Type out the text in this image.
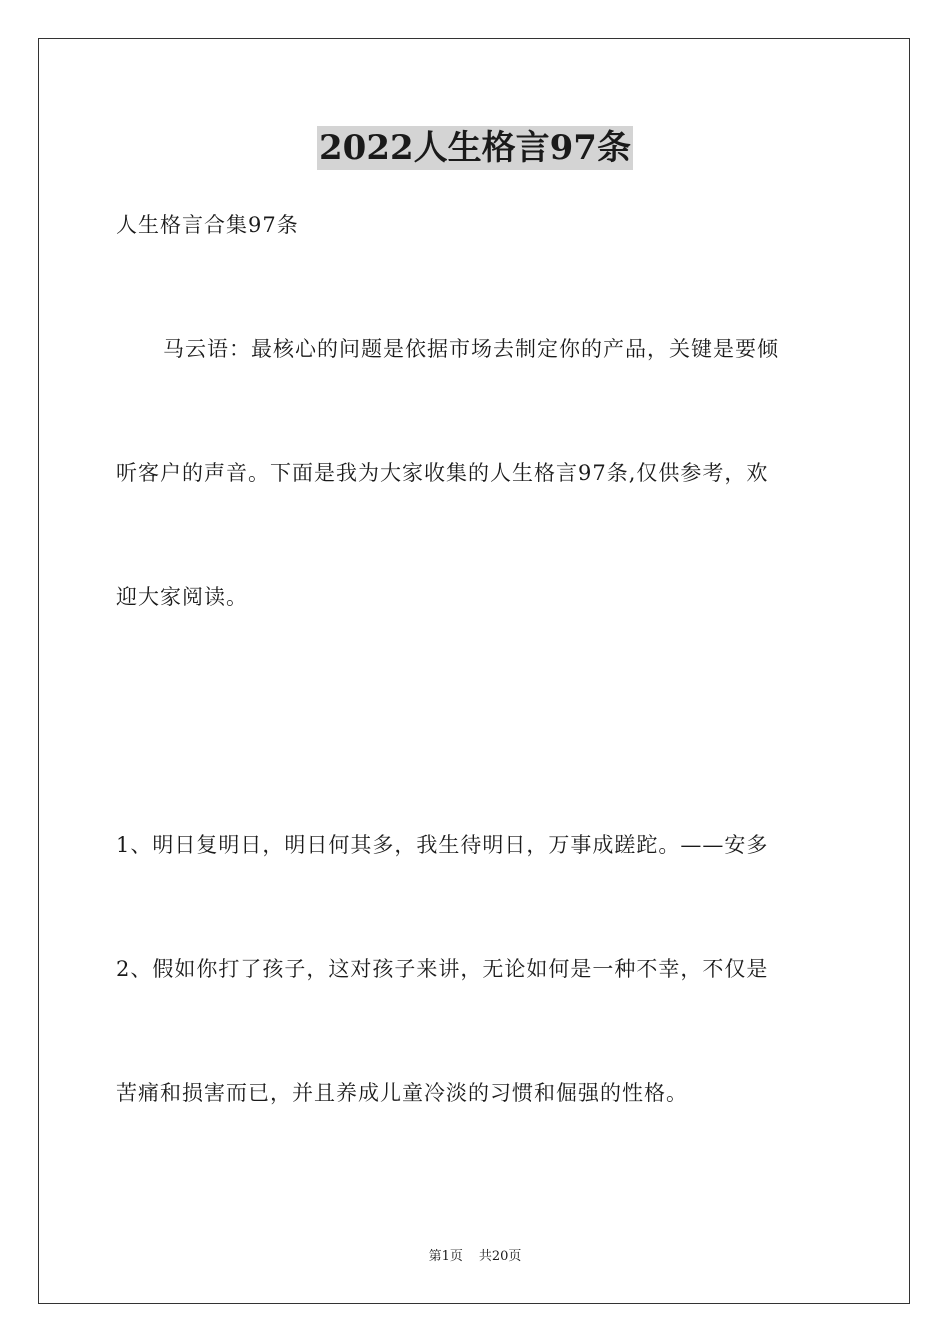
2022人生格言97条
人生格言合集97条
马云语：最核心的问题是依据市场去制定你的产品，关键是要倾
听客户的声音。下面是我为大家收集的人生格言97条,仅供参考，欢
迎大家阅读。
1、明日复明日，明日何其多，我生待明日，万事成蹉跎。——安多
2、假如你打了孩子，这对孩子来讲，无论如何是一种不幸，不仅是
苦痛和损害而已，并且养成儿童冷淡的习惯和倔强的性格。
第1页 共20页
